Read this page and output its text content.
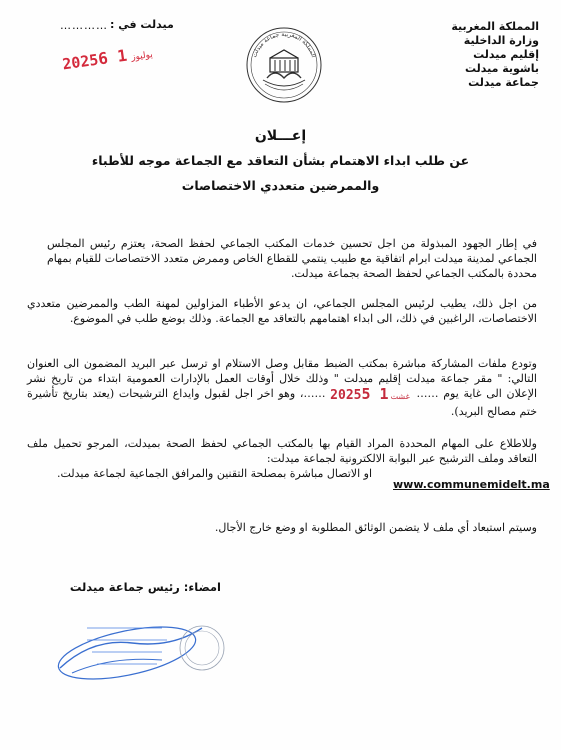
المملكة المغربية
وزارة الداخلية
إقليم ميدلت
باشوية ميدلت
جماعة ميدلت
ميدلت في :
…………
2025	يوليوز1 6	المملكة المغربية جماعة ميدلت
إعـــلان
عن طلب ابداء الاهتمام بشأن التعاقد مع الجماعة موجه للأطباء
والممرضين متعددي الاختصاصات
في إطار الجهود المبذولة من اجل تحسين خدمات المكتب الجماعي لحفظ الصحة، يعتزم رئيس المجلس الجماعي لمدينة ميدلت ابرام اتفاقية مع طبيب ينتمي للقطاع الخاص وممرض متعدد الاختصاصات للقيام بمهام محددة بالمكتب الجماعي لحفظ الصحة بجماعة ميدلت.
من اجل ذلك، يطيب لرئيس المجلس الجماعي، ان يدعو الأطباء المزاولين لمهنة الطب والممرضين متعددي الاختصاصات، الراغبين في ذلك، الى ابداء اهتمامهم بالتعاقد مع الجماعة. وذلك بوضع طلب في الموضوع.
وتودع ملفات المشاركة مباشرة بمكتب الضبط مقابل وصل الاستلام او ترسل عبر البريد المضمون الى العنوان التالي: " مقر جماعة ميدلت إقليم ميدلت " وذلك خلال أوقات العمل بالإدارات العمومية ابتداء من تاريخ نشر الإعلان الى غاية يوم …… 2025	غشت1 5 ……، وهو اخر اجل لقبول وايداع الترشيحات (يعتد بتاريخ تأشيرة ختم مصالح البريد).
وللاطلاع على المهام المحددة المراد القيام بها بالمكتب الجماعي لحفظ الصحة بميدلت، المرجو تحميل ملف التعاقد وملف الترشيح عبر البوابة الالكترونية لجماعة ميدلت:
او الاتصال مباشرة بمصلحة التقنين والمرافق الجماعية لجماعة ميدلت.
www.communemidelt.ma
وسيتم استبعاد أي ملف لا يتضمن الوثائق المطلوبة او وضع خارج الأجال.
امضاء: رئيس جماعة ميدلت
